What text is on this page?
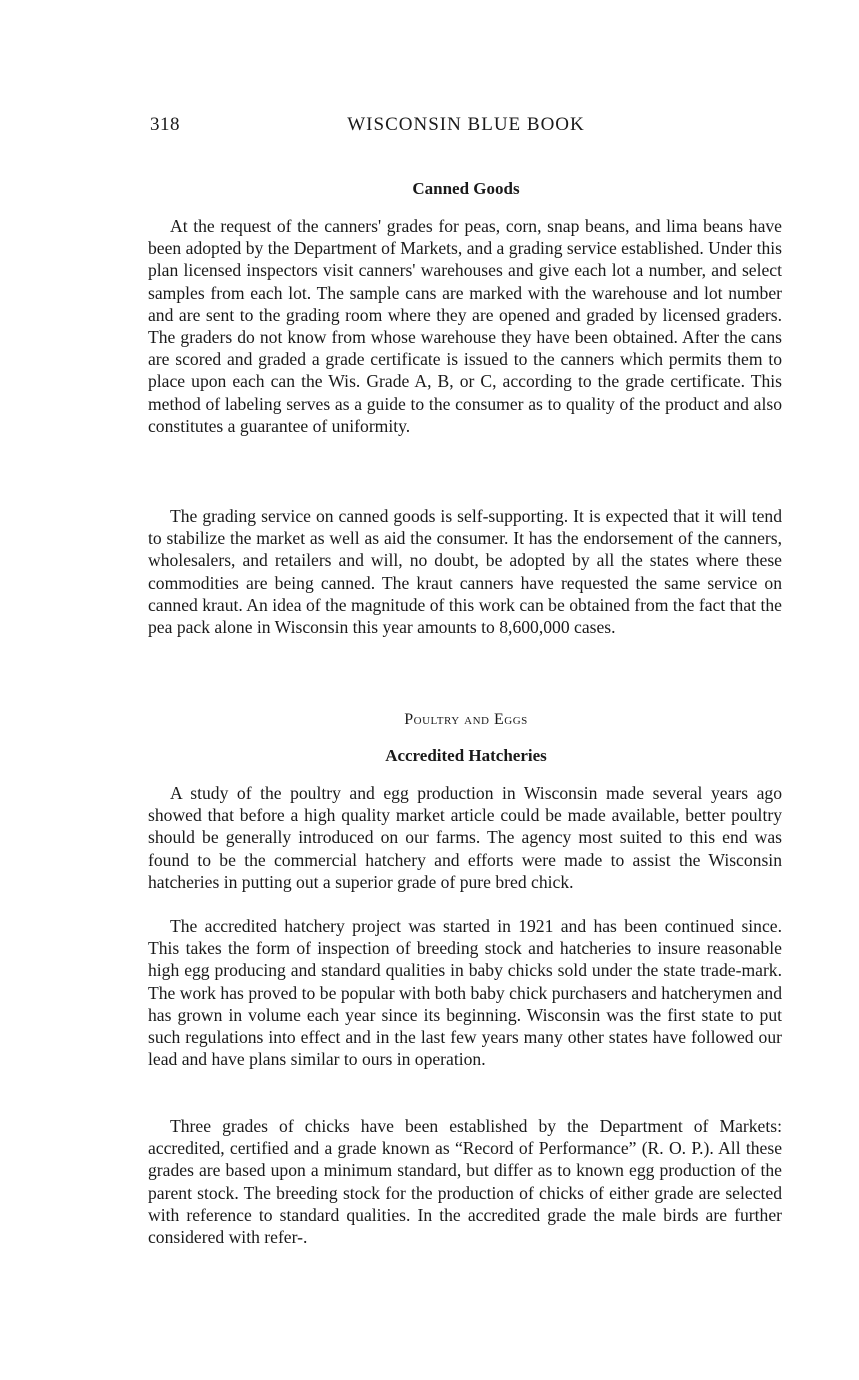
318	WISCONSIN BLUE BOOK
Canned Goods

At the request of the canners' grades for peas, corn, snap beans, and lima beans have been adopted by the Department of Markets, and a grading service established. Under this plan licensed inspectors visit canners' warehouses and give each lot a number, and select samples from each lot. The sample cans are marked with the warehouse and lot number and are sent to the grading room where they are opened and graded by licensed graders. The graders do not know from whose warehouse they have been obtained. After the cans are scored and graded a grade certificate is issued to the canners which permits them to place upon each can the Wis. Grade A, B, or C, according to the grade certificate. This method of labeling serves as a guide to the consumer as to quality of the product and also constitutes a guarantee of uniformity.

The grading service on canned goods is self-supporting. It is expected that it will tend to stabilize the market as well as aid the consumer. It has the endorsement of the canners, wholesalers, and retailers and will, no doubt, be adopted by all the states where these commodities are being canned. The kraut canners have requested the same service on canned kraut. An idea of the magnitude of this work can be obtained from the fact that the pea pack alone in Wisconsin this year amounts to 8,600,000 cases.

Poultry and Eggs
Accredited Hatcheries

A study of the poultry and egg production in Wisconsin made several years ago showed that before a high quality market article could be made available, better poultry should be generally introduced on our farms. The agency most suited to this end was found to be the commercial hatchery and efforts were made to assist the Wisconsin hatcheries in putting out a superior grade of pure bred chick.

The accredited hatchery project was started in 1921 and has been continued since. This takes the form of inspection of breeding stock and hatcheries to insure reasonable high egg producing and standard qualities in baby chicks sold under the state trade-mark. The work has proved to be popular with both baby chick purchasers and hatcherymen and has grown in volume each year since its beginning. Wisconsin was the first state to put such regulations into effect and in the last few years many other states have followed our lead and have plans similar to ours in operation.

Three grades of chicks have been established by the Department of Markets: accredited, certified and a grade known as “Record of Performance” (R. O. P.). All these grades are based upon a minimum standard, but differ as to known egg production of the parent stock. The breeding stock for the production of chicks of either grade are selected with reference to standard qualities. In the accredited grade the male birds are further considered with refer-.
